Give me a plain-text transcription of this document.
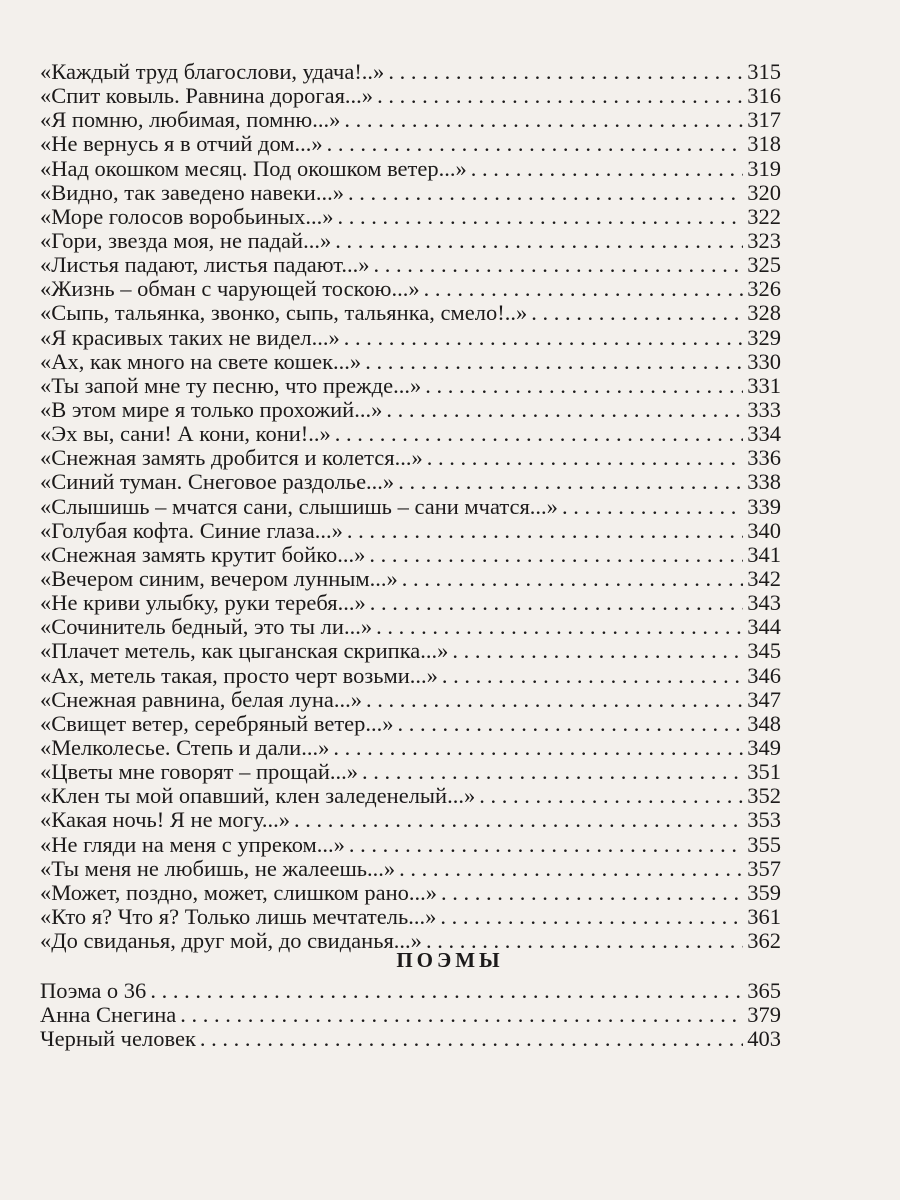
«Каждый труд благослови, удача!..» . . .	315
«Спит ковыль. Равнина дорогая...» . . .	316
«Я помню, любимая, помню...» . . .	317
«Не вернусь я в отчий дом...» . . .	318
«Над окошком месяц. Под окошком ветер...» . . .	319
«Видно, так заведено навеки...» . . .	320
«Море голосов воробьиных...» . . .	322
«Гори, звезда моя, не падай...» . . .	323
«Листья падают, листья падают...» . . .	325
«Жизнь – обман с чарующей тоскою...» . . .	326
«Сыпь, тальянка, звонко, сыпь, тальянка, смело!..» . . .	328
«Я красивых таких не видел...» . . .	329
«Ах, как много на свете кошек...» . . .	330
«Ты запой мне ту песню, что прежде...» . . .	331
«В этом мире я только прохожий...» . . .	333
«Эх вы, сани! А кони, кони!..» . . .	334
«Снежная замять дробится и колется...» . . .	336
«Синий туман. Снеговое раздолье...» . . .	338
«Слышишь – мчатся сани, слышишь – сани мчатся...» . . .	339
«Голубая кофта. Синие глаза...» . . .	340
«Снежная замять крутит бойко...» . . .	341
«Вечером синим, вечером лунным...» . . .	342
«Не криви улыбку, руки теребя...» . . .	343
«Сочинитель бедный, это ты ли...» . . .	344
«Плачет метель, как цыганская скрипка...» . . .	345
«Ах, метель такая, просто черт возьми...» . . .	346
«Снежная равнина, белая луна...» . . .	347
«Свищет ветер, серебряный ветер...» . . .	348
«Мелколесье. Степь и дали...» . . .	349
«Цветы мне говорят – прощай...» . . .	351
«Клен ты мой опавший, клен заледенелый...» . . .	352
«Какая ночь! Я не могу...» . . .	353
«Не гляди на меня с упреком...» . . .	355
«Ты меня не любишь, не жалеешь...» . . .	357
«Может, поздно, может, слишком рано...» . . .	359
«Кто я? Что я? Только лишь мечтатель...» . . .	361
«До свиданья, друг мой, до свиданья...» . . .	362
ПОЭМЫ
Поэма о 36 . . .	365
Анна Снегина . . .	379
Черный человек . . .	403
